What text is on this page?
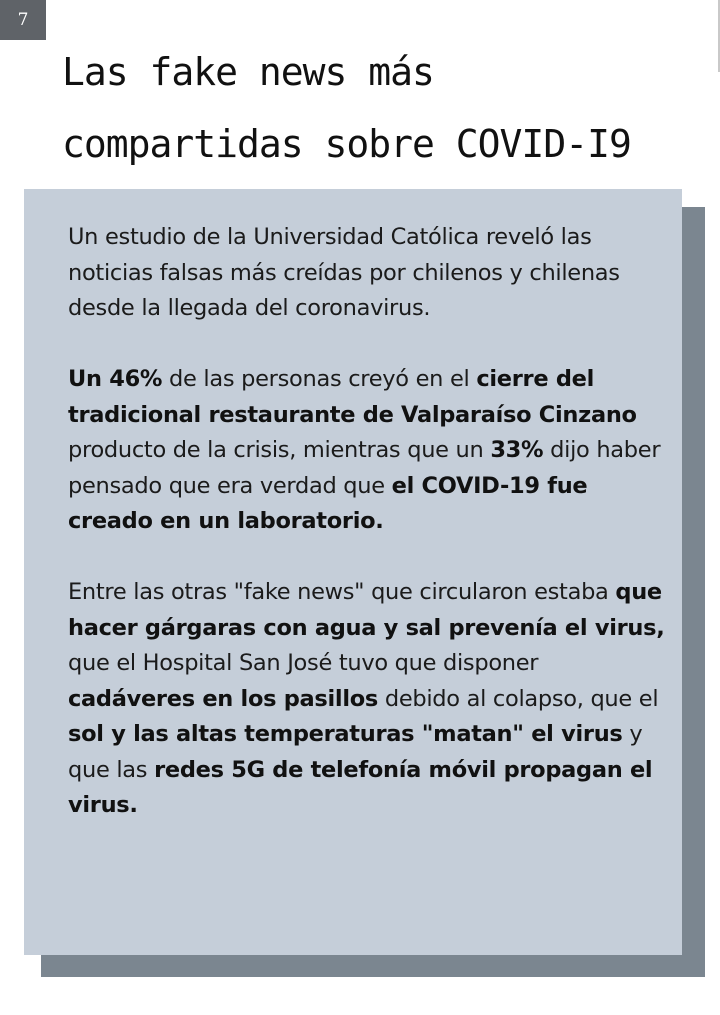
7
Las fake news más
compartidas sobre COVID-I9

Un estudio de la Universidad Católica reveló las noticias falsas más creídas por chilenos y chilenas desde la llegada del coronavirus.

Un 46% de las personas creyó en el cierre del tradicional restaurante de Valparaíso Cinzano producto de la crisis, mientras que un 33% dijo haber pensado que era verdad que el COVID-19 fue creado en un laboratorio.

Entre las otras "fake news" que circularon estaba que hacer gárgaras con agua y sal prevenía el virus, que el Hospital San José tuvo que disponer cadáveres en los pasillos debido al colapso, que el sol y las altas temperaturas "matan" el virus y que las redes 5G de telefonía móvil propagan el virus.
